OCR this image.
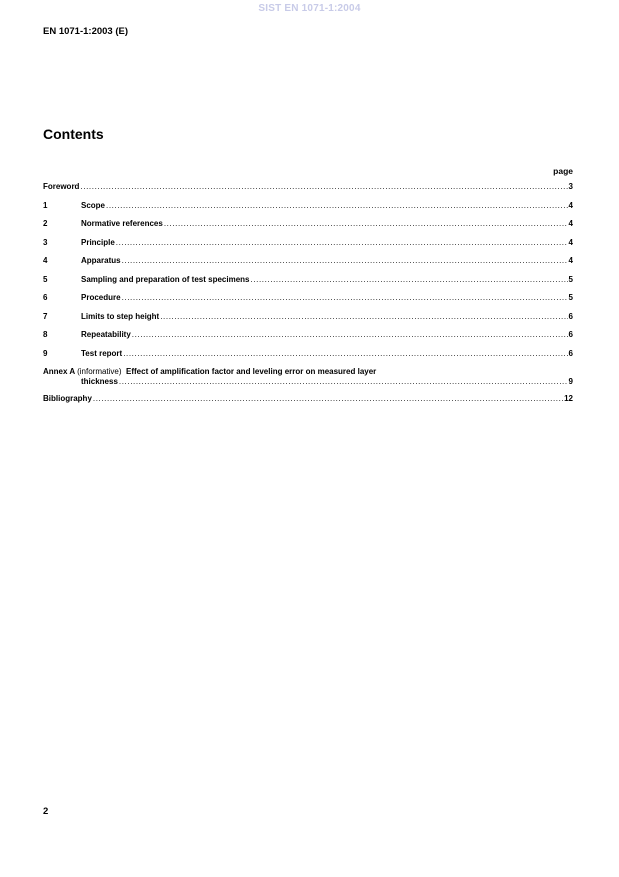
SIST EN 1071-1:2004
EN 1071-1:2003 (E)
Contents
page
Foreword .....	3
1	Scope .....	4
2	Normative references .....	4
3	Principle .....	4
4	Apparatus .....	4
5	Sampling and preparation of test specimens .....	5
6	Procedure .....	5
7	Limits to step height .....	6
8	Repeatability .....	6
9	Test report .....	6
Annex A (informative) Effect of amplification factor and leveling error on measured layer
thickness .....	9
Bibliography .....	12
2
